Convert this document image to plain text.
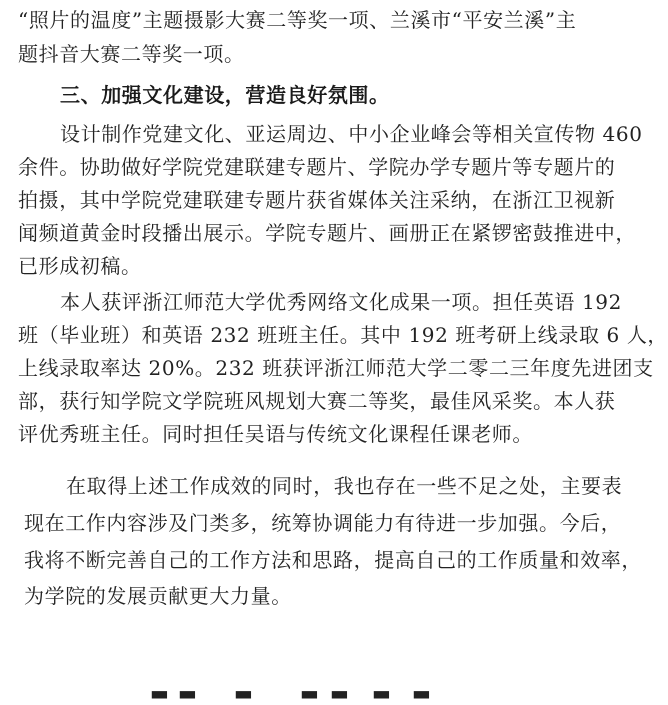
“照片的温度”主题摄影大赛二等奖一项、兰溪市“平安兰溪”主
题抖音大赛二等奖一项。
三、加强文化建设，营造良好氛围。
设计制作党建文化、亚运周边、中小企业峰会等相关宣传物 460
余件。协助做好学院党建联建专题片、学院办学专题片等专题片的
拍摄，其中学院党建联建专题片获省媒体关注采纳，在浙江卫视新
闻频道黄金时段播出展示。学院专题片、画册正在紧锣密鼓推进中，
已形成初稿。
本人获评浙江师范大学优秀网络文化成果一项。担任英语 192
班（毕业班）和英语 232 班班主任。其中 192 班考研上线录取 6 人，
上线录取率达 20%。232 班获评浙江师范大学二零二三年度先进团支
部，获行知学院文学院班风规划大赛二等奖，最佳风采奖。本人获
评优秀班主任。同时担任吴语与传统文化课程任课老师。
在取得上述工作成效的同时，我也存在一些不足之处，主要表
现在工作内容涉及门类多，统筹协调能力有待进一步加强。今后，
我将不断完善自己的工作方法和思路，提高自己的工作质量和效率，
为学院的发展贡献更大力量。
▬ ▬ ▬ ▬ ▬ ▬ ▬
